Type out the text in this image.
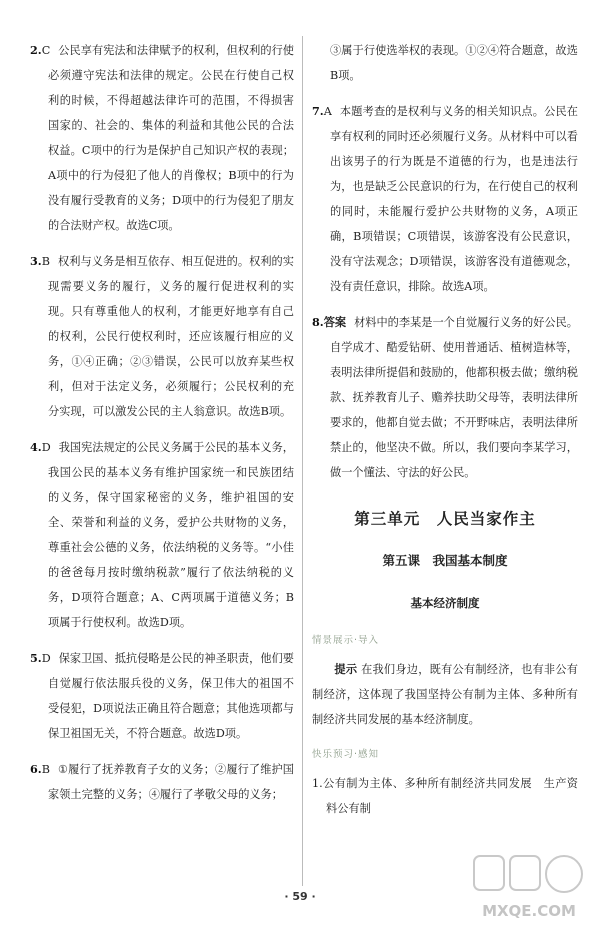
2.C 公民享有宪法和法律赋予的权利，但权利的行使必须遵守宪法和法律的规定。公民在行使自己权利的时候，不得超越法律许可的范围，不得损害国家的、社会的、集体的利益和其他公民的合法权益。C项中的行为是保护自己知识产权的表现；A项中的行为侵犯了他人的肖像权；B项中的行为没有履行受教育的义务；D项中的行为侵犯了朋友的合法财产权。故选C项。

3.B 权利与义务是相互依存、相互促进的。权利的实现需要义务的履行，义务的履行促进权利的实现。只有尊重他人的权利，才能更好地享有自己的权利，公民行使权利时，还应该履行相应的义务，①④正确；②③错误，公民可以放弃某些权利，但对于法定义务，必须履行；公民权利的充分实现，可以激发公民的主人翁意识。故选B项。

4.D 我国宪法规定的公民义务属于公民的基本义务，我国公民的基本义务有维护国家统一和民族团结的义务，保守国家秘密的义务，维护祖国的安全、荣誉和利益的义务，爱护公共财物的义务，尊重社会公德的义务，依法纳税的义务等。“小佳的爸爸每月按时缴纳税款”履行了依法纳税的义务，D项符合题意；A、C两项属于道德义务；B项属于行使权利。故选D项。

5.D 保家卫国、抵抗侵略是公民的神圣职责，他们要自觉履行依法服兵役的义务，保卫伟大的祖国不受侵犯，D项说法正确且符合题意；其他选项都与保卫祖国无关，不符合题意。故选D项。

6.B ①履行了抚养教育子女的义务；②履行了维护国家领土完整的义务；④履行了孝敬父母的义务；

③属于行使选举权的表现。①②④符合题意，故选B项。

7.A 本题考查的是权利与义务的相关知识点。公民在享有权利的同时还必须履行义务。从材料中可以看出该男子的行为既是不道德的行为，也是违法行为，也是缺乏公民意识的行为，在行使自己的权利的同时，未能履行爱护公共财物的义务，A项正确，B项错误；C项错误，该游客没有公民意识，没有守法观念；D项错误，该游客没有道德观念，没有责任意识，排除。故选A项。

8.答案 材料中的李某是一个自觉履行义务的好公民。自学成才、酷爱钻研、使用普通话、植树造林等，表明法律所提倡和鼓励的，他都积极去做；缴纳税款、抚养教育儿子、赡养扶助父母等，表明法律所要求的，他都自觉去做；不开野味店，表明法律所禁止的，他坚决不做。所以，我们要向李某学习，做一个懂法、守法的好公民。

第三单元　人民当家作主
第五课　我国基本制度
基本经济制度
情景展示·导入

提示 在我们身边，既有公有制经济，也有非公有制经济，这体现了我国坚持公有制为主体、多种所有制经济共同发展的基本经济制度。

快乐预习·感知

1.公有制为主体、多种所有制经济共同发展　生产资料公有制

· 59 ·
MXQE.COM
